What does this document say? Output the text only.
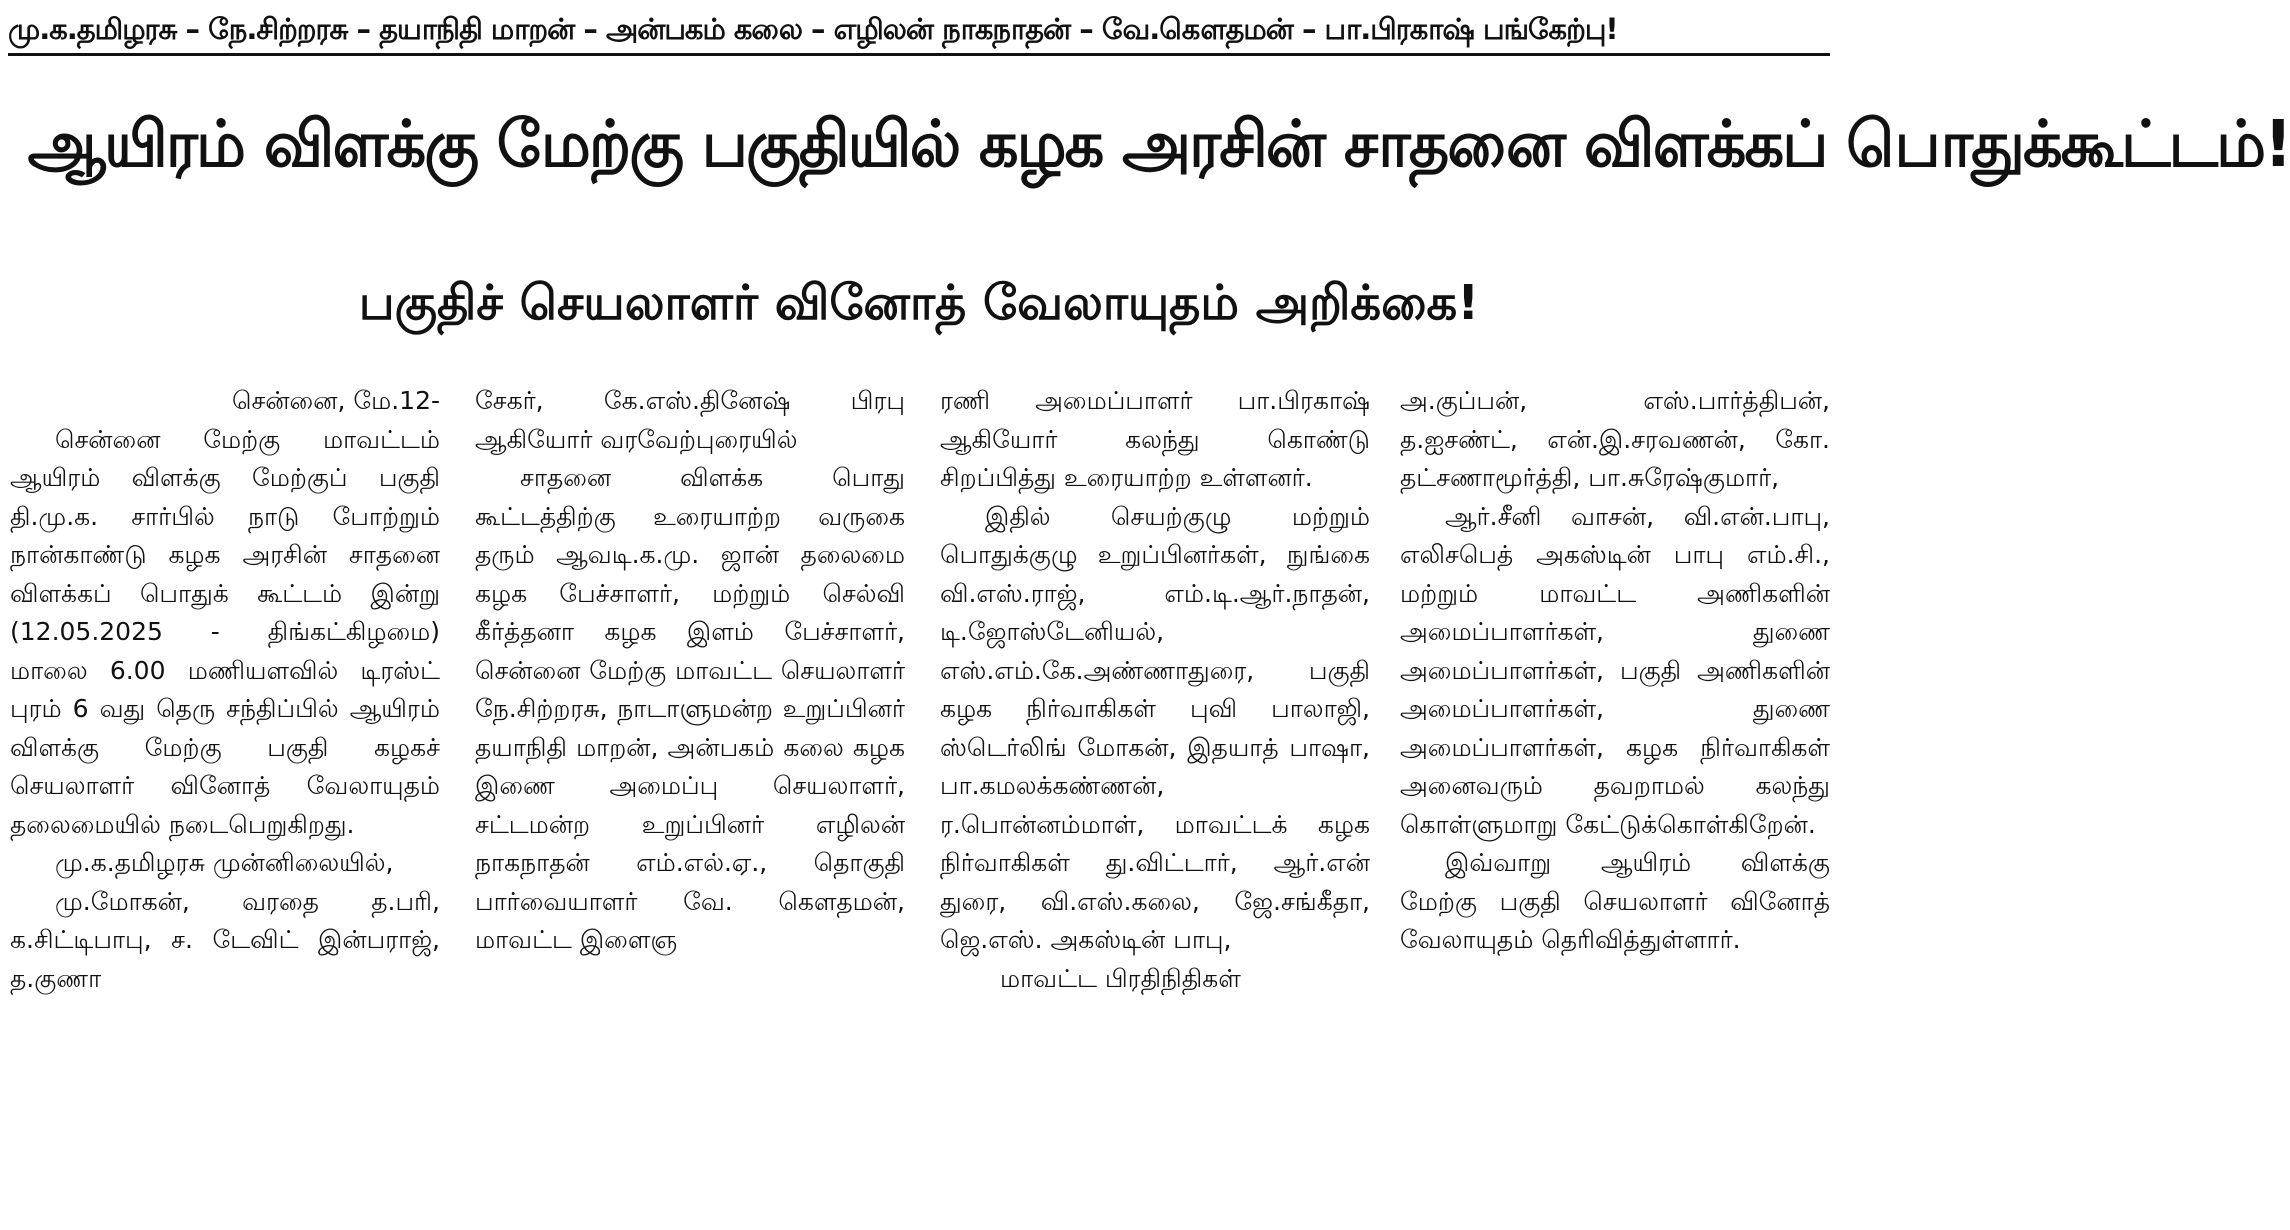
மு.க.தமிழரசு – நே.சிற்றரசு – தயாநிதி மாறன் – அன்பகம் கலை – எழிலன் நாகநாதன் – வே.கௌதமன் – பா.பிரகாஷ் பங்கேற்பு!
ஆயிரம் விளக்கு மேற்கு பகுதியில் கழக அரசின் சாதனை விளக்கப் பொதுக்கூட்டம்!
பகுதிச் செயலாளர் வினோத் வேலாயுதம் அறிக்கை!

சென்னை, மே.12-

சென்னை மேற்கு மாவட்டம் ஆயிரம் விளக்கு மேற்குப் பகுதி தி.மு.க. சார்பில் நாடு போற்றும் நான்காண்டு கழக அரசின் சாதனை விளக்கப் பொதுக் கூட்டம் இன்று (12.05.2025 - திங்கட்கிழமை) மாலை 6.00 மணியளவில் டிரஸ்ட் புரம் 6 வது தெரு சந்திப்பில் ஆயிரம் விளக்கு மேற்கு பகுதி கழகச் செயலாளர் வினோத் வேலாயுதம் தலைமையில் நடைபெறுகிறது.

மு.க.தமிழரசு முன்னிலையில்,

மு.மோகன், வரதை த.பரி, க.சிட்டிபாபு, ச. டேவிட் இன்பராஜ், த.குணா

சேகர், கே.எஸ்.தினேஷ் பிரபு ஆகியோர் வரவேற்புரையில்

சாதனை விளக்க பொது கூட்டத்திற்கு உரையாற்ற வருகை தரும் ஆவடி.க.மு. ஜான் தலைமை கழக பேச்சாளர், மற்றும் செல்வி கீர்த்தனா கழக இளம் பேச்சாளர், சென்னை மேற்கு மாவட்ட செயலாளர் நே.சிற்றரசு, நாடாளுமன்ற உறுப்பினர் தயாநிதி மாறன், அன்பகம் கலை கழக இணை அமைப்பு செயலாளர், சட்டமன்ற உறுப்பினர் எழிலன் நாகநாதன் எம்.எல்.ஏ., தொகுதி பார்வையாளர் வே. கௌதமன், மாவட்ட இளைஞ

ரணி அமைப்பாளர் பா.பிரகாஷ் ஆகியோர் கலந்து கொண்டு சிறப்பித்து உரையாற்ற உள்ளனர்.

இதில் செயற்குழு மற்றும் பொதுக்குழு உறுப்பினர்கள், நுங்கை வி.எஸ்.ராஜ், எம்.டி.ஆர்.நாதன், டி.ஜோஸ்டேனியல், எஸ்.எம்.கே.அண்ணாதுரை, பகுதி கழக நிர்வாகிகள் புவி பாலாஜி, ஸ்டெர்லிங் மோகன், இதயாத் பாஷா, பா.கமலக்கண்ணன், ர.பொன்னம்மாள், மாவட்டக் கழக நிர்வாகிகள் து.விட்டார், ஆர்.என் துரை, வி.எஸ்.கலை, ஜே.சங்கீதா, ஜெ.எஸ். அகஸ்டின் பாபு,

மாவட்ட பிரதிநிதிகள்

அ.குப்பன், எஸ்.பார்த்திபன், த.ஐசண்ட், என்.இ.சரவணன், கோ. தட்சணாமூர்த்தி, பா.சுரேஷ்குமார்,

ஆர்.சீனி வாசன், வி.என்.பாபு, எலிசபெத் அகஸ்டின் பாபு எம்.சி., மற்றும் மாவட்ட அணிகளின் அமைப்பாளர்கள், துணை அமைப்பாளர்கள், பகுதி அணிகளின் அமைப்பாளர்கள், துணை அமைப்பாளர்கள், கழக நிர்வாகிகள் அனைவரும் தவறாமல் கலந்து கொள்ளுமாறு கேட்டுக்கொள்கிறேன்.

இவ்வாறு ஆயிரம் விளக்கு மேற்கு பகுதி செயலாளர் வினோத் வேலாயுதம் தெரிவித்துள்ளார்.
